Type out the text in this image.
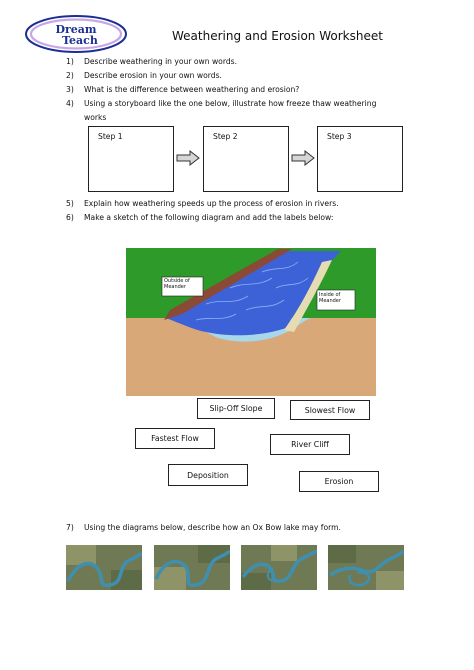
Dream
Teach	Weathering and Erosion Worksheet
1) Describe weathering in your own words.
2) Describe erosion in your own words.
3) What is the difference between weathering and erosion?
4) Using a storyboard like the one below, illustrate how freeze thaw weathering
works
Step 1	Step 2	Step 3
5) Explain how weathering speeds up the process of erosion in rivers.
6) Make a sketch of the following diagram and add the labels below:
Outside of Meander
Inside of Meander
Slip-Off Slope	Slowest Flow
Fastest Flow
River Cliff
Deposition
Erosion
7) Using the diagrams below, describe how an Ox Bow lake may form.
